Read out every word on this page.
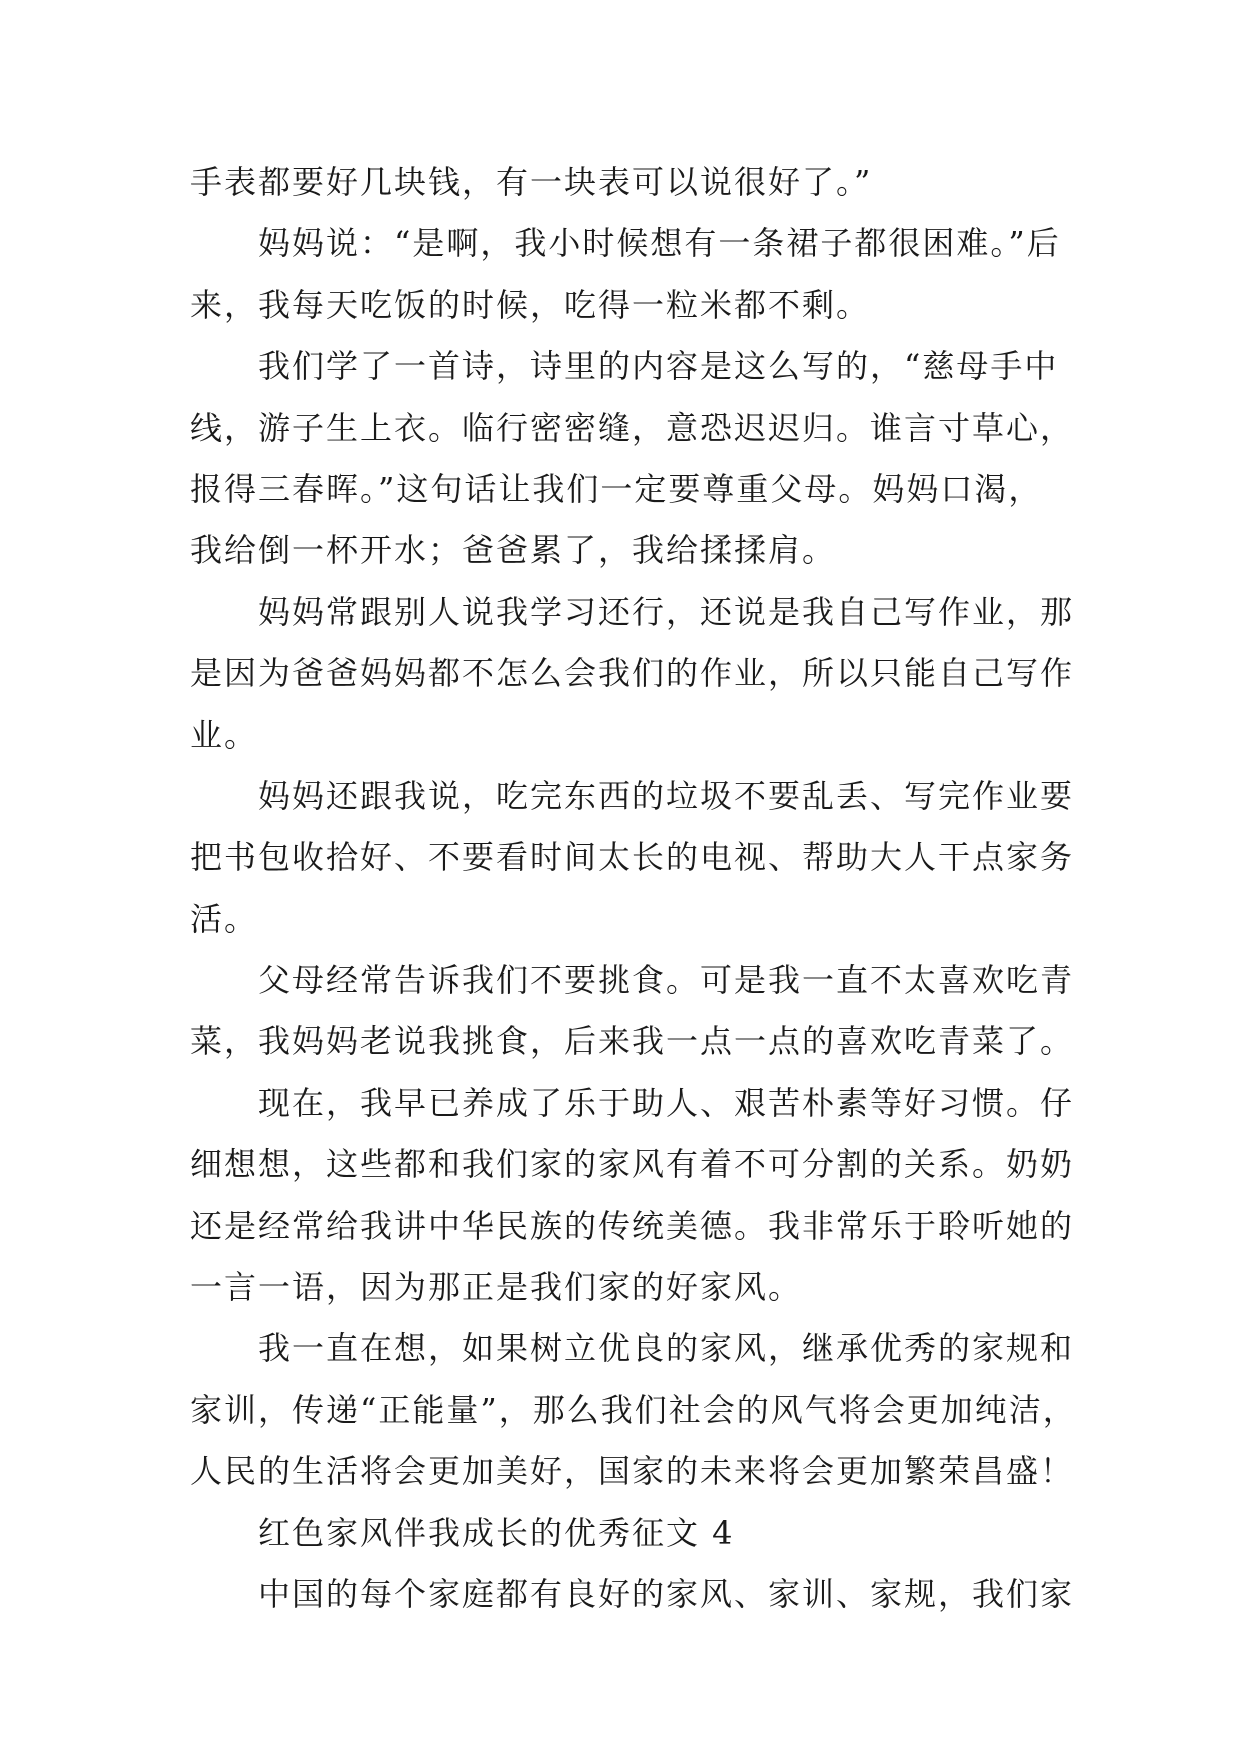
手表都要好几块钱，有一块表可以说很好了。”
妈妈说：“是啊，我小时候想有一条裙子都很困难。”后
来，我每天吃饭的时候，吃得一粒米都不剩。
我们学了一首诗，诗里的内容是这么写的，“慈母手中
线，游子生上衣。临行密密缝，意恐迟迟归。谁言寸草心，
报得三春晖。”这句话让我们一定要尊重父母。妈妈口渴，
我给倒一杯开水；爸爸累了，我给揉揉肩。
妈妈常跟别人说我学习还行，还说是我自己写作业，那
是因为爸爸妈妈都不怎么会我们的作业，所以只能自己写作
业。
妈妈还跟我说，吃完东西的垃圾不要乱丢、写完作业要
把书包收拾好、不要看时间太长的电视、帮助大人干点家务
活。
父母经常告诉我们不要挑食。可是我一直不太喜欢吃青
菜，我妈妈老说我挑食，后来我一点一点的喜欢吃青菜了。
现在，我早已养成了乐于助人、艰苦朴素等好习惯。仔
细想想，这些都和我们家的家风有着不可分割的关系。奶奶
还是经常给我讲中华民族的传统美德。我非常乐于聆听她的
一言一语，因为那正是我们家的好家风。
我一直在想，如果树立优良的家风，继承优秀的家规和
家训，传递“正能量”，那么我们社会的风气将会更加纯洁，
人民的生活将会更加美好，国家的未来将会更加繁荣昌盛！
红色家风伴我成长的优秀征文 4
中国的每个家庭都有良好的家风、家训、家规，我们家
